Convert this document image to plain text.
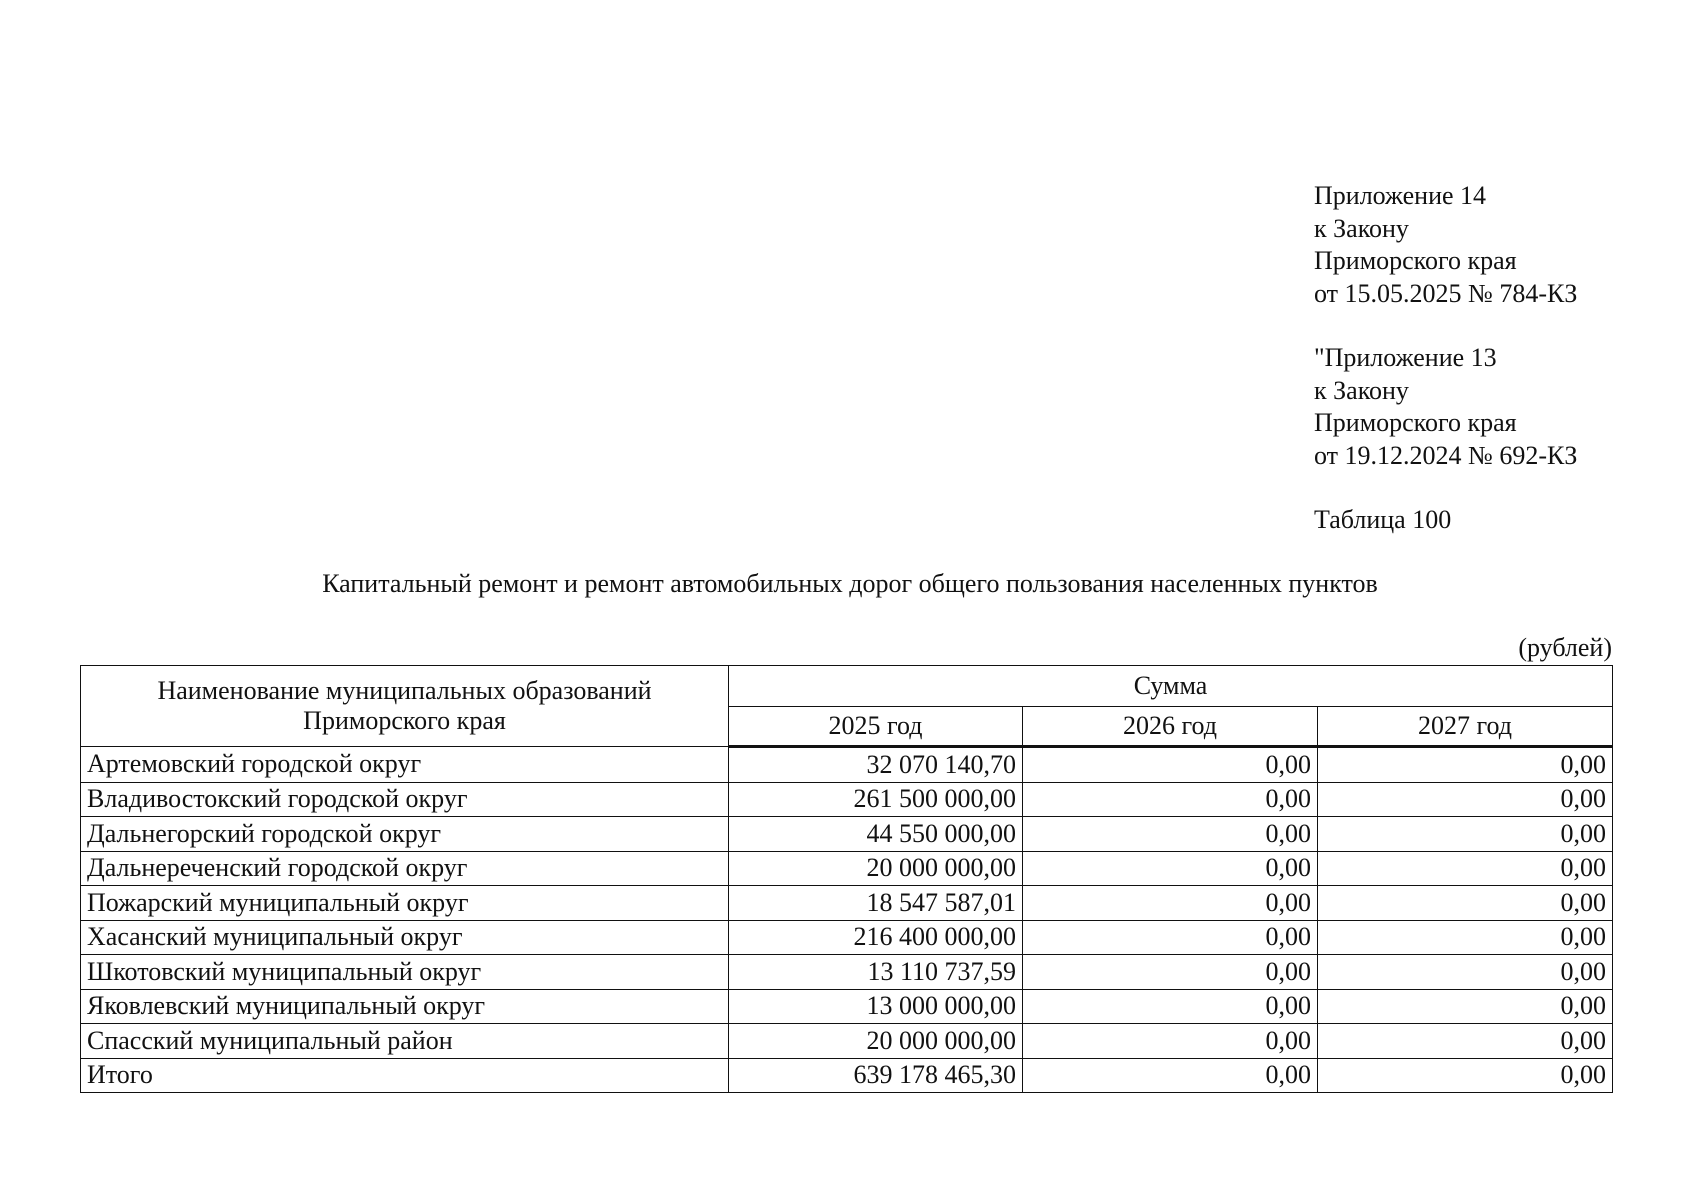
Приложение 14
к Закону
Приморского края
от 15.05.2025 № 784-КЗ
"Приложение 13
к Закону
Приморского края
от 19.12.2024 № 692-КЗ
Таблица 100
Капитальный ремонт и ремонт автомобильных дорог общего пользования населенных пунктов
(рублей)
Наименование муниципальных образований Приморского края	Сумма		
	2025 год	2026 год	2027 год
Артемовский городской округ	32 070 140,70	0,00	0,00
Владивостокский городской округ	261 500 000,00	0,00	0,00
Дальнегорский городской округ	44 550 000,00	0,00	0,00
Дальнереченский городской округ	20 000 000,00	0,00	0,00
Пожарский муниципальный округ	18 547 587,01	0,00	0,00
Хасанский муниципальный округ	216 400 000,00	0,00	0,00
Шкотовский муниципальный округ	13 110 737,59	0,00	0,00
Яковлевский муниципальный округ	13 000 000,00	0,00	0,00
Спасский муниципальный район	20 000 000,00	0,00	0,00
Итого	639 178 465,30	0,00	0,00
